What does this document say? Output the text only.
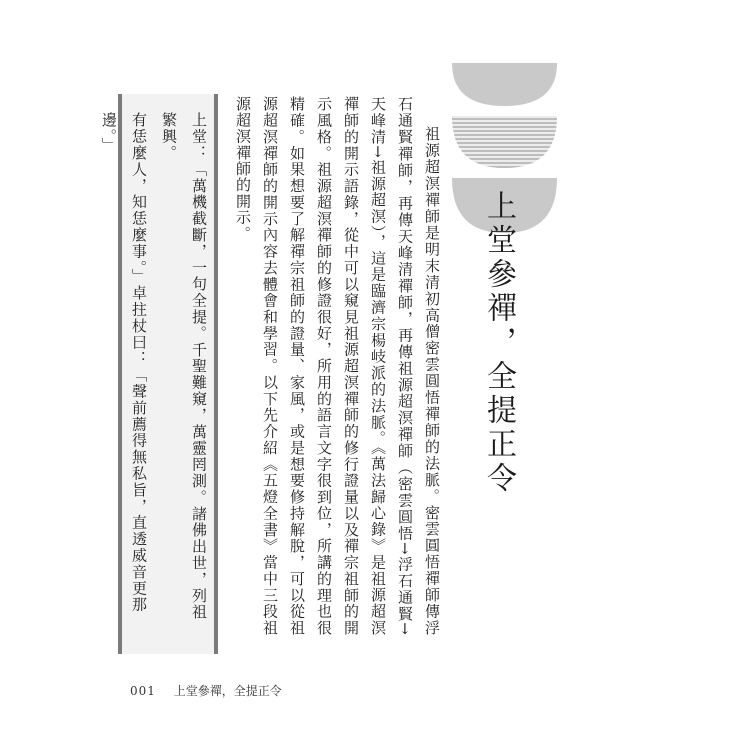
上堂參禪，全提正令

祖源超溟禪師是明末清初高僧密雲圓悟禪師的法脈。密雲圓悟禪師傳浮石通賢禪師，再傳天峰清禪師，再傳祖源超溟禪師（密雲圓悟→浮石通賢→天峰清→祖源超溟），這是臨濟宗楊岐派的法脈。《萬法歸心錄》是祖源超溟禪師的開示語錄，從中可以窺見祖源超溟禪師的修行證量以及禪宗祖師的開示風格。祖源超溟禪師的修證很好，所用的語言文字很到位，所講的理也很精確。如果想要了解禪宗祖師的證量、家風，或是想要修持解脫，可以從祖源超溟禪師的開示內容去體會和學習。以下先介紹《五燈全書》當中三段祖源超溟禪師的開示。

上堂：「萬機截斷，一句全提。千聖難窺，萬靈罔測。諸佛出世，列祖繁興。

有恁麼人，知恁麼事。」卓拄杖曰：「聲前薦得無私旨，直透威音更那邊。」

001 上堂參禪，全提正令
